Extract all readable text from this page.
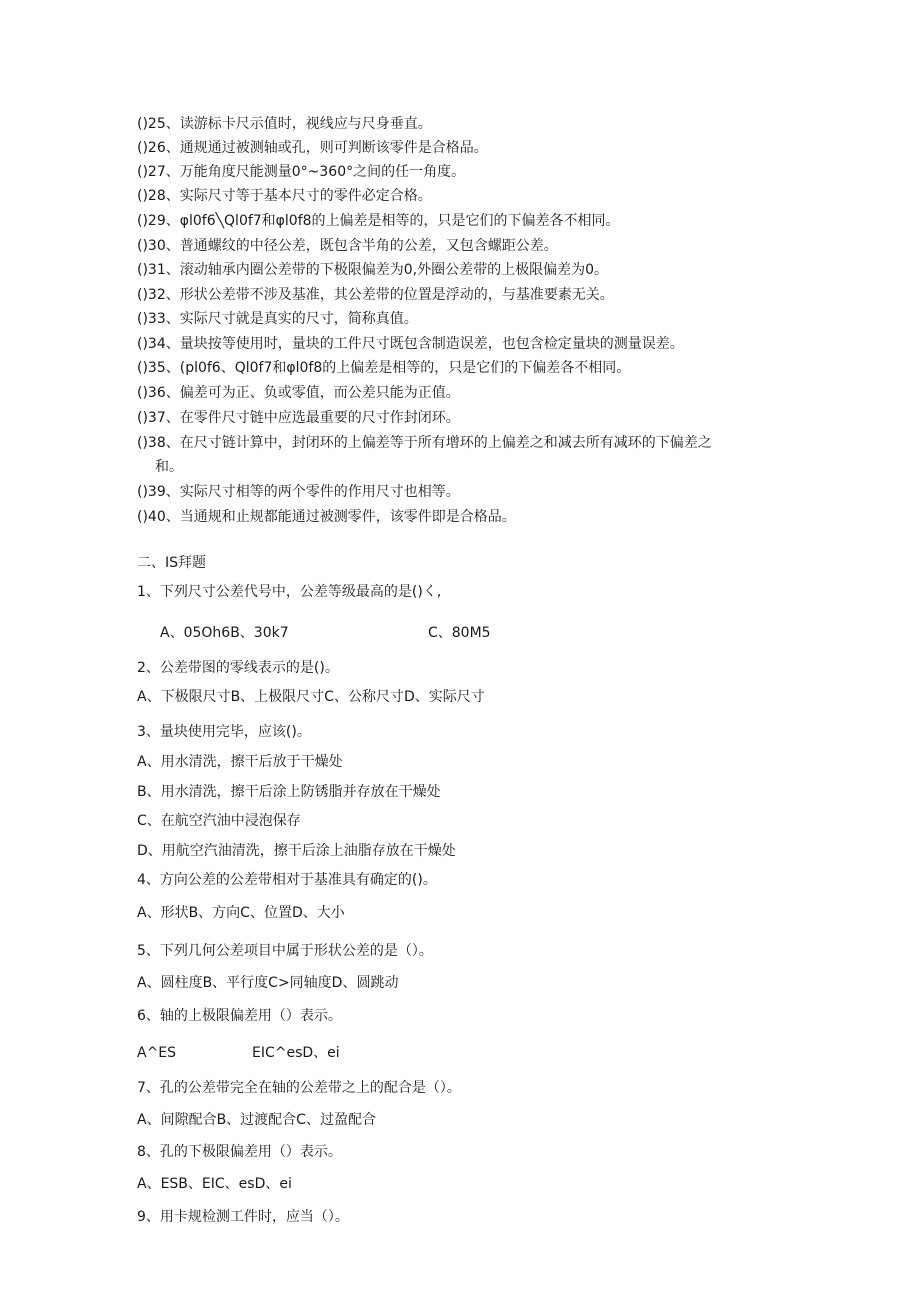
()25、读游标卡尺示值时，视线应与尺身垂直。
()26、通规通过被测轴或孔，则可判断该零件是合格品。
()27、万能角度尺能测量0°~360°之间的任一角度。
()28、实际尺寸等于基本尺寸的零件必定合格。
()29、φl0f6╲Ql0f7和φl0f8的上偏差是相等的，只是它们的下偏差各不相同。
()30、普通螺纹的中径公差，既包含半角的公差，又包含螺距公差。
()31、滚动轴承内圈公差带的下极限偏差为0,外圈公差带的上极限偏差为0。
()32、形状公差带不涉及基准，其公差带的位置是浮动的，与基准要素无关。
()33、实际尺寸就是真实的尺寸，简称真值。
()34、量块按等使用时，量块的工件尺寸既包含制造误差，也包含检定量块的测量误差。
()35、(pl0f6、Ql0f7和φl0f8的上偏差是相等的，只是它们的下偏差各不相同。
()36、偏差可为正、负或零值，而公差只能为正值。
()37、在零件尺寸链中应选最重要的尺寸作封闭环。
()38、在尺寸链计算中，封闭环的上偏差等于所有增环的上偏差之和减去所有减环的下偏差之
和。
()39、实际尺寸相等的两个零件的作用尺寸也相等。
()40、当通规和止规都能通过被测零件，该零件即是合格品。
二、IS拜题
1、下列尺寸公差代号中，公差等级最高的是()く,
A、05Oh6B、30k7	C、80M5
2、公差带图的零线表示的是()。
A、下极限尺寸B、上极限尺寸C、公称尺寸D、实际尺寸
3、量块使用完毕，应该()。
A、用水清洗，擦干后放于干燥处
B、用水清洗，擦干后涂上防锈脂并存放在干燥处
C、在航空汽油中浸泡保存
D、用航空汽油清洗，擦干后涂上油脂存放在干燥处
4、方向公差的公差带相对于基准具有确定的()。
A、形状B、方向C、位置D、大小
5、下列几何公差项目中属于形状公差的是（）。
A、圆柱度B、平行度C>同轴度D、圆跳动
6、轴的上极限偏差用（）表示。
A^ES	EIC^esD、ei
7、孔的公差带完全在轴的公差带之上的配合是（）。
A、间隙配合B、过渡配合C、过盈配合
8、孔的下极限偏差用（）表示。
A、ESB、EIC、esD、ei
9、用卡规检测工件时，应当（）。
